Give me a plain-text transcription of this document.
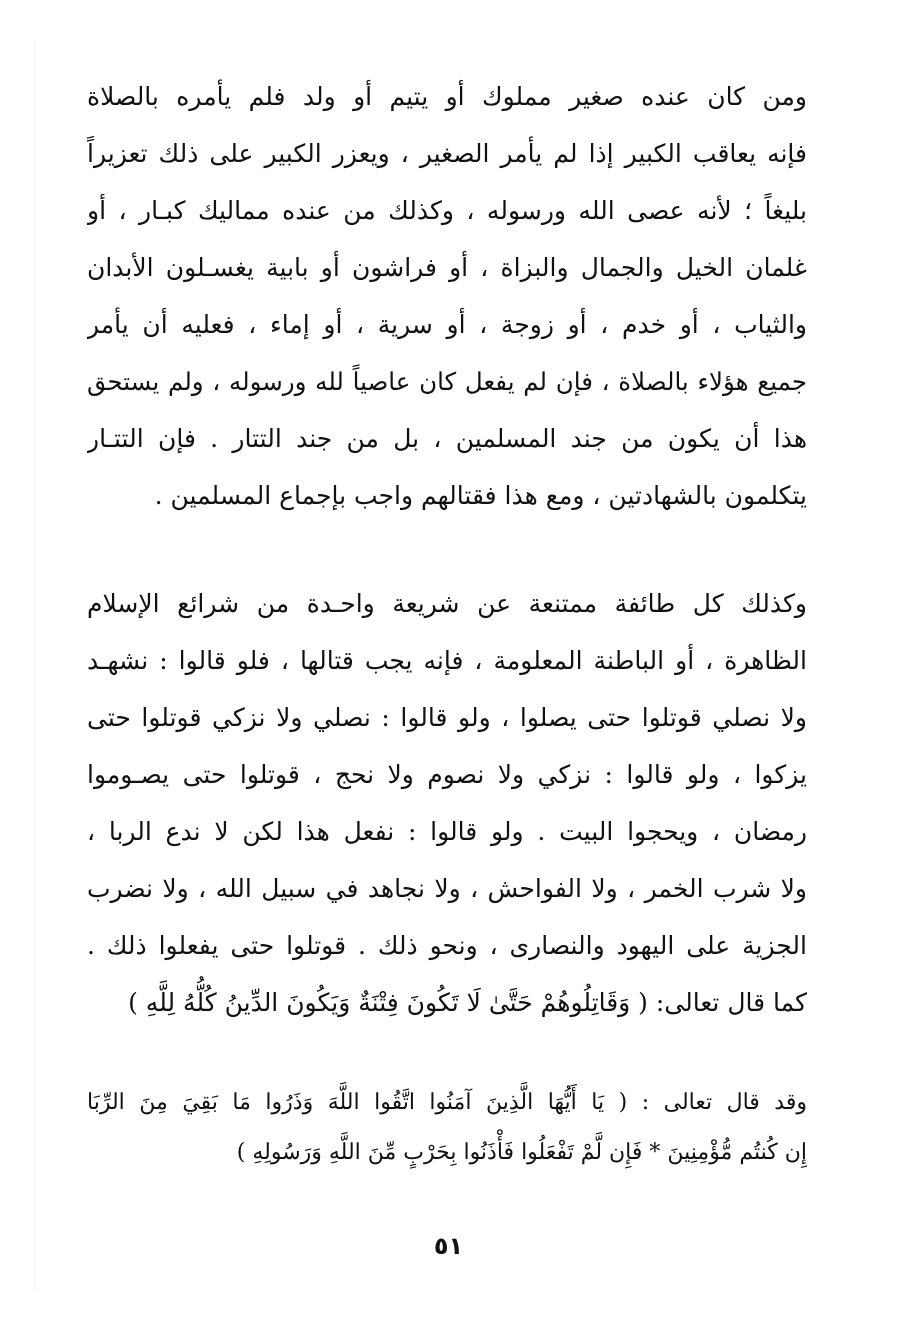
ومن كان عنده صغير مملوك أو يتيم أو ولد فلم يأمره بالصلاة
فإنه يعاقب الكبير إذا لم يأمر الصغير ، ويعزر الكبير على ذلك تعزيراً
بليغاً ؛ لأنه عصى الله ورسوله ، وكذلك من عنده مماليك كبـار ، أو
غلمان الخيل والجمال والبزاة ، أو فراشون أو بابية يغسـلون الأبدان
والثياب ، أو خدم ، أو زوجة ، أو سرية ، أو إماء ، فعليه أن يأمر
جميع هؤلاء بالصلاة ، فإن لم يفعل كان عاصياً لله ورسوله ، ولم يستحق
هذا أن يكون من جند المسلمين ، بل من جند التتار . فإن التتـار
يتكلمون بالشهادتين ، ومع هذا فقتالهم واجب بإجماع المسلمين .
وكذلك كل طائفة ممتنعة عن شريعة واحـدة من شرائع الإسلام
الظاهرة ، أو الباطنة المعلومة ، فإنه يجب قتالها ، فلو قالوا : نشهـد
ولا نصلي قوتلوا حتى يصلوا ، ولو قالوا : نصلي ولا نزكي قوتلوا حتى
يزكوا ، ولو قالوا : نزكي ولا نصوم ولا نحج ، قوتلوا حتى يصـوموا
رمضان ، ويحجوا البيت . ولو قالوا : نفعل هذا لكن لا ندع الربا ،
ولا شرب الخمر ، ولا الفواحش ، ولا نجاهد في سبيل الله ، ولا نضرب
الجزية على اليهود والنصارى ، ونحو ذلك . قوتلوا حتى يفعلوا ذلك .
كما قال تعالى: ( وَقَاتِلُوهُمْ حَتَّىٰ لَا تَكُونَ فِتْنَةٌ وَيَكُونَ الدِّينُ كُلُّهُ لِلَّهِ )
وقد قال تعالى : ( يَا أَيُّهَا الَّذِينَ آمَنُوا اتَّقُوا اللَّهَ وَذَرُوا مَا بَقِيَ مِنَ الرِّبَا
إِن كُنتُم مُّؤْمِنِينَ * فَإِن لَّمْ تَفْعَلُوا فَأْذَنُوا بِحَرْبٍ مِّنَ اللَّهِ وَرَسُولِهِ )
٥١
